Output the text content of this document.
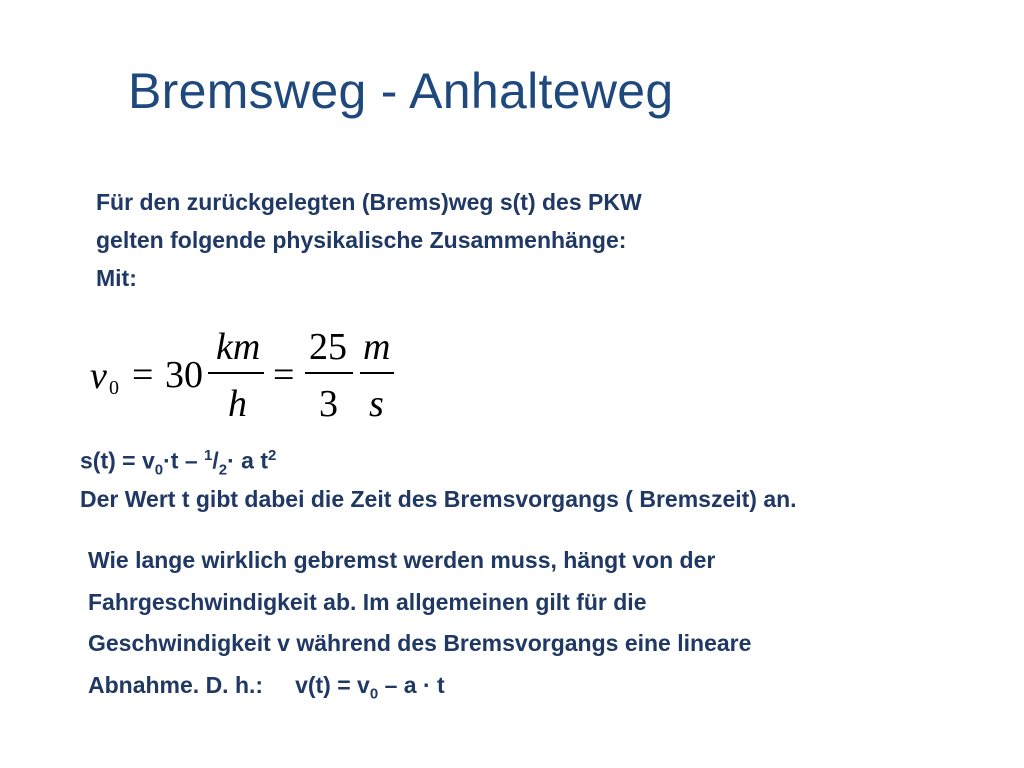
Bremsweg - Anhalteweg
Für den zurückgelegten (Brems)weg s(t) des PKW
gelten folgende physikalische Zusammenhänge:
Mit:
v 0 = 30
km
h
=
25
3
m
s
$s(t) = v_0\cdot t - ^1/_2\cdot a$ $t^2$
Der Wert t gibt dabei die Zeit des Bremsvorgangs ( Bremszeit) an.
Wie lange wirklich gebremst werden muss, hängt von der
Fahrgeschwindigkeit ab. Im allgemeinen gilt für die
Geschwindigkeit v während des Bremsvorgangs eine lineare
Abnahme. D. h.: $v(t) = v_0 - a \cdot t$
